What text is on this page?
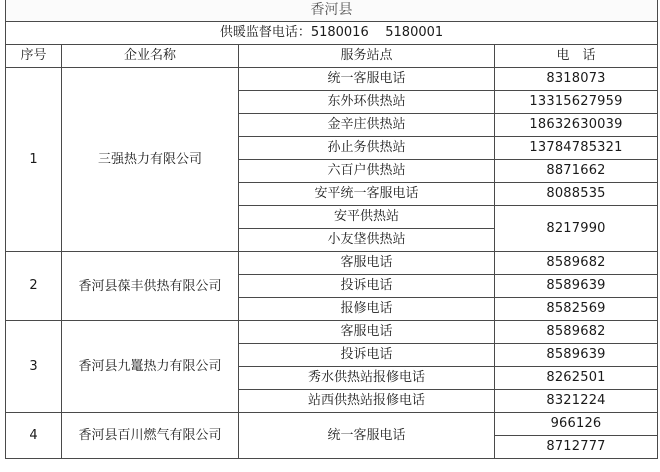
香河县			
供暖监督电话：5180016    5180001			
序号	企业名称	服务站点	电　话
1	三强热力有限公司	统一客服电话	8318073
		东外环供热站	13315627959
		金辛庄供热站	18632630039
		孙止务供热站	13784785321
		六百户供热站	8871662
		安平统一客服电话	8088535
		安平供热站	8217990
		小友垡供热站	
2	香河县葆丰供热有限公司	客服电话	8589682
		投诉电话	8589639
		报修电话	8582569
3	香河县九鼍热力有限公司	客服电话	8589682
		投诉电话	8589639
		秀水供热站报修电话	8262501
		站西供热站报修电话	8321224
4	香河县百川燃气有限公司	统一客服电话	966126
			8712777
